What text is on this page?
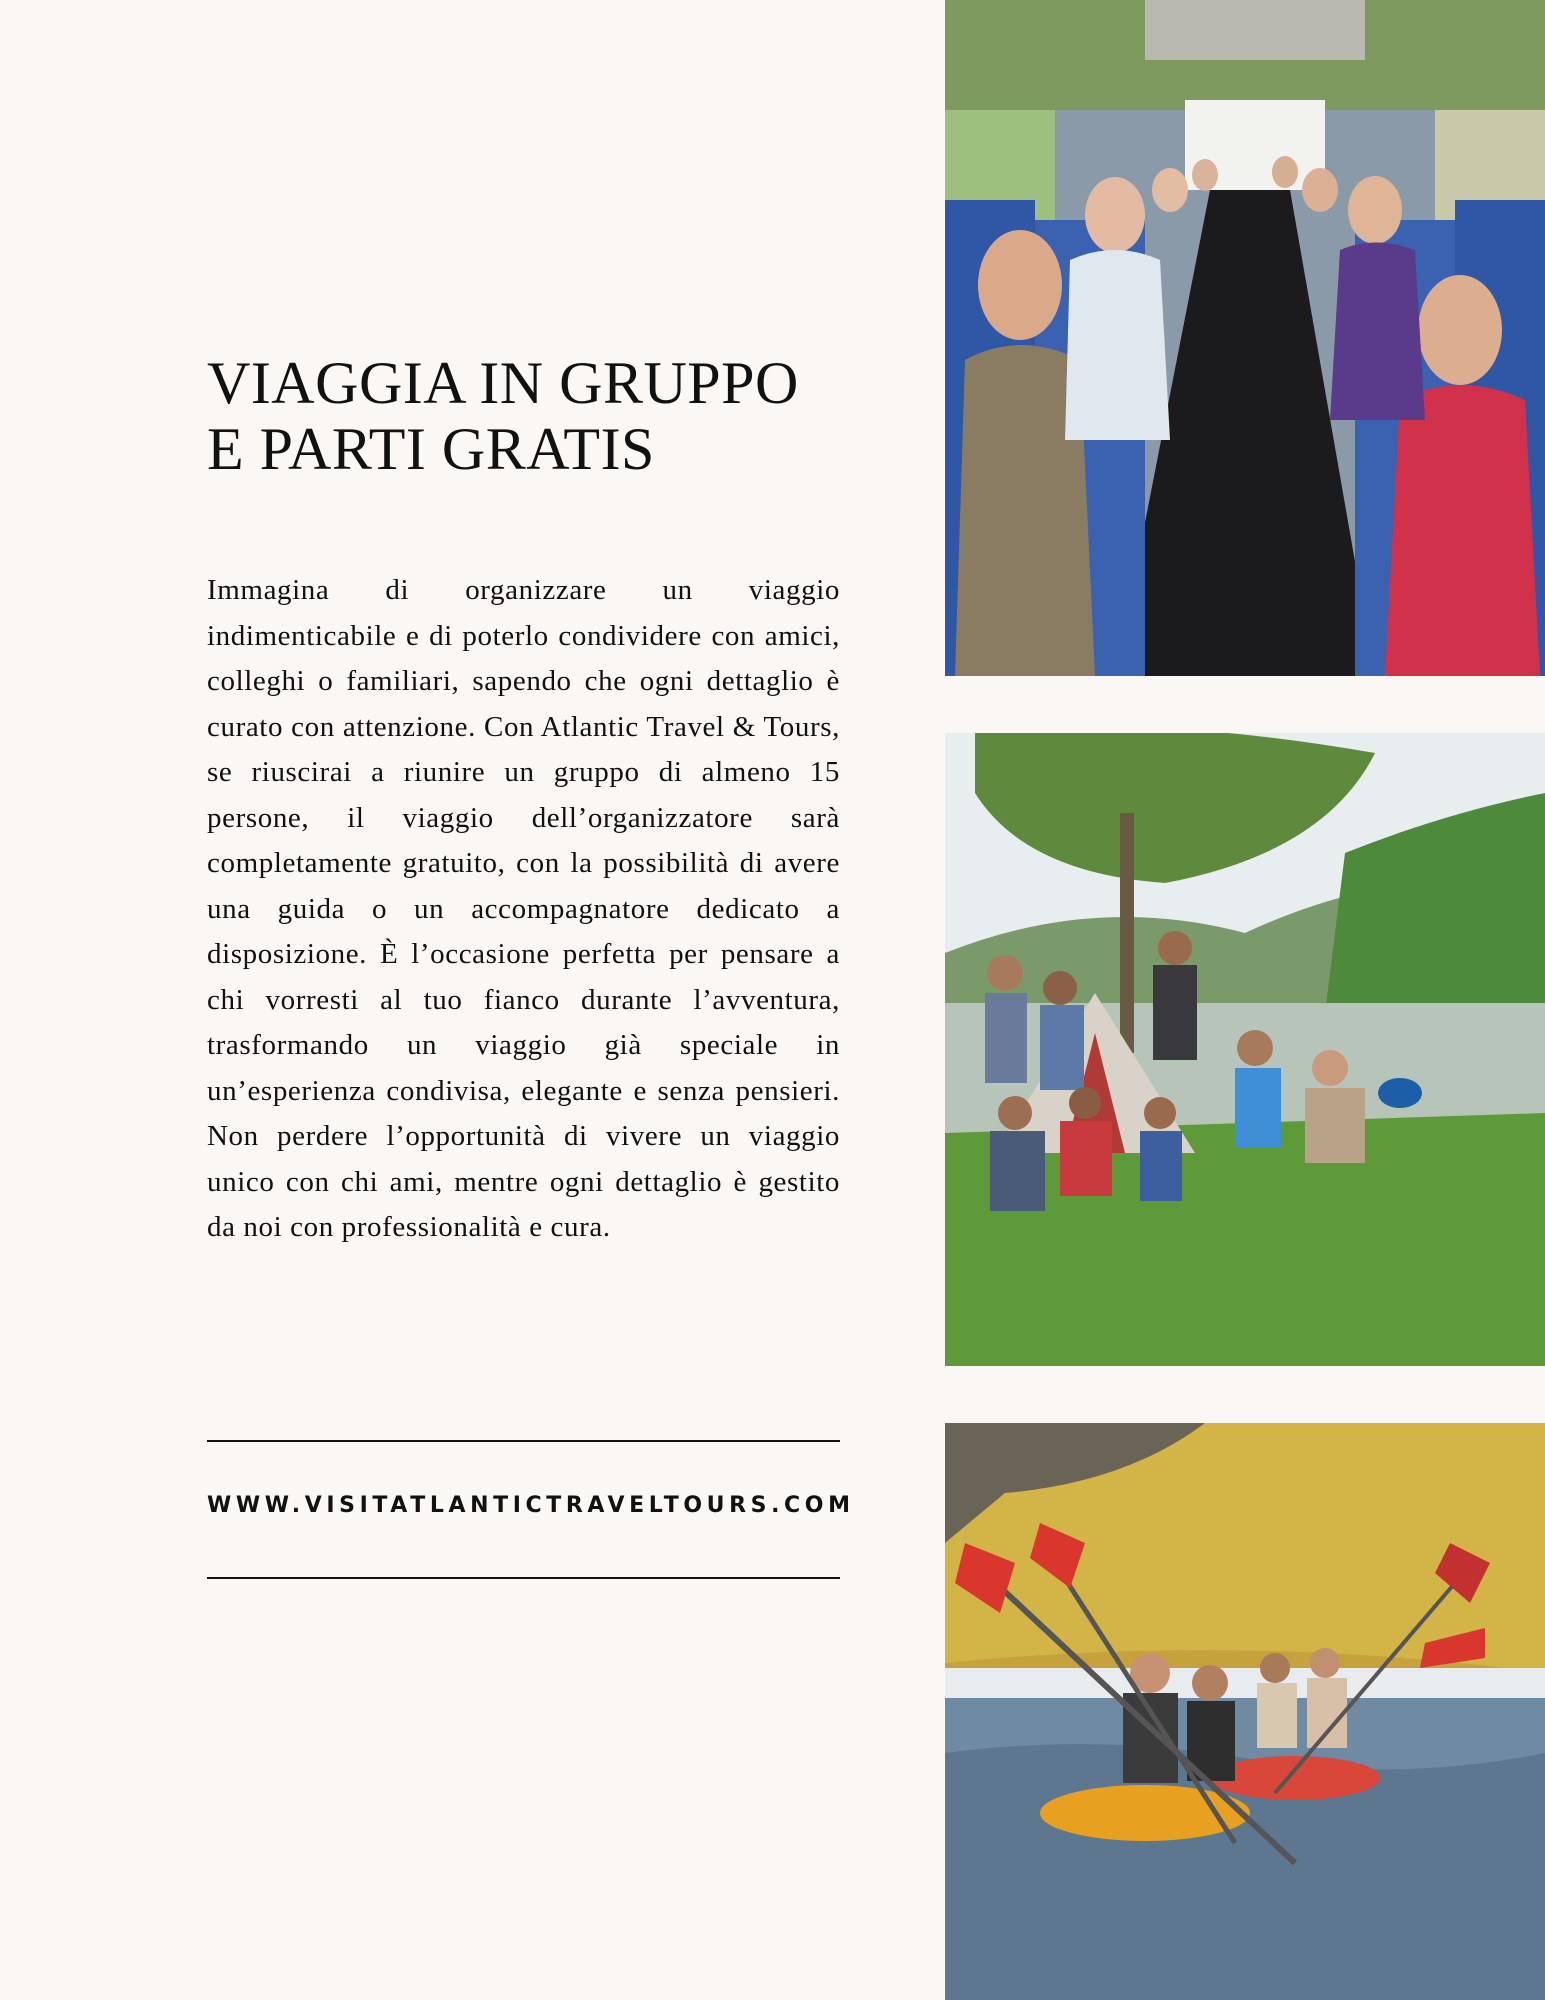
VIAGGIA IN GRUPPO
E PARTI GRATIS

Immagina di organizzare un viaggio indimenticabile e di poterlo condividere con amici, colleghi o familiari, sapendo che ogni dettaglio è curato con attenzione. Con Atlantic Travel & Tours, se riuscirai a riunire un gruppo di almeno 15 persone, il viaggio dell’organizzatore sarà completamente gratuito, con la possibilità di avere una guida o un accompagnatore dedicato a disposizione. È l’occasione perfetta per pensare a chi vorresti al tuo fianco durante l’avventura, trasformando un viaggio già speciale in un’esperienza condivisa, elegante e senza pensieri. Non perdere l’opportunità di vivere un viaggio unico con chi ami, mentre ogni dettaglio è gestito da noi con professionalità e cura.

WWW.VISITATLANTICTRAVELTOURS.COM
